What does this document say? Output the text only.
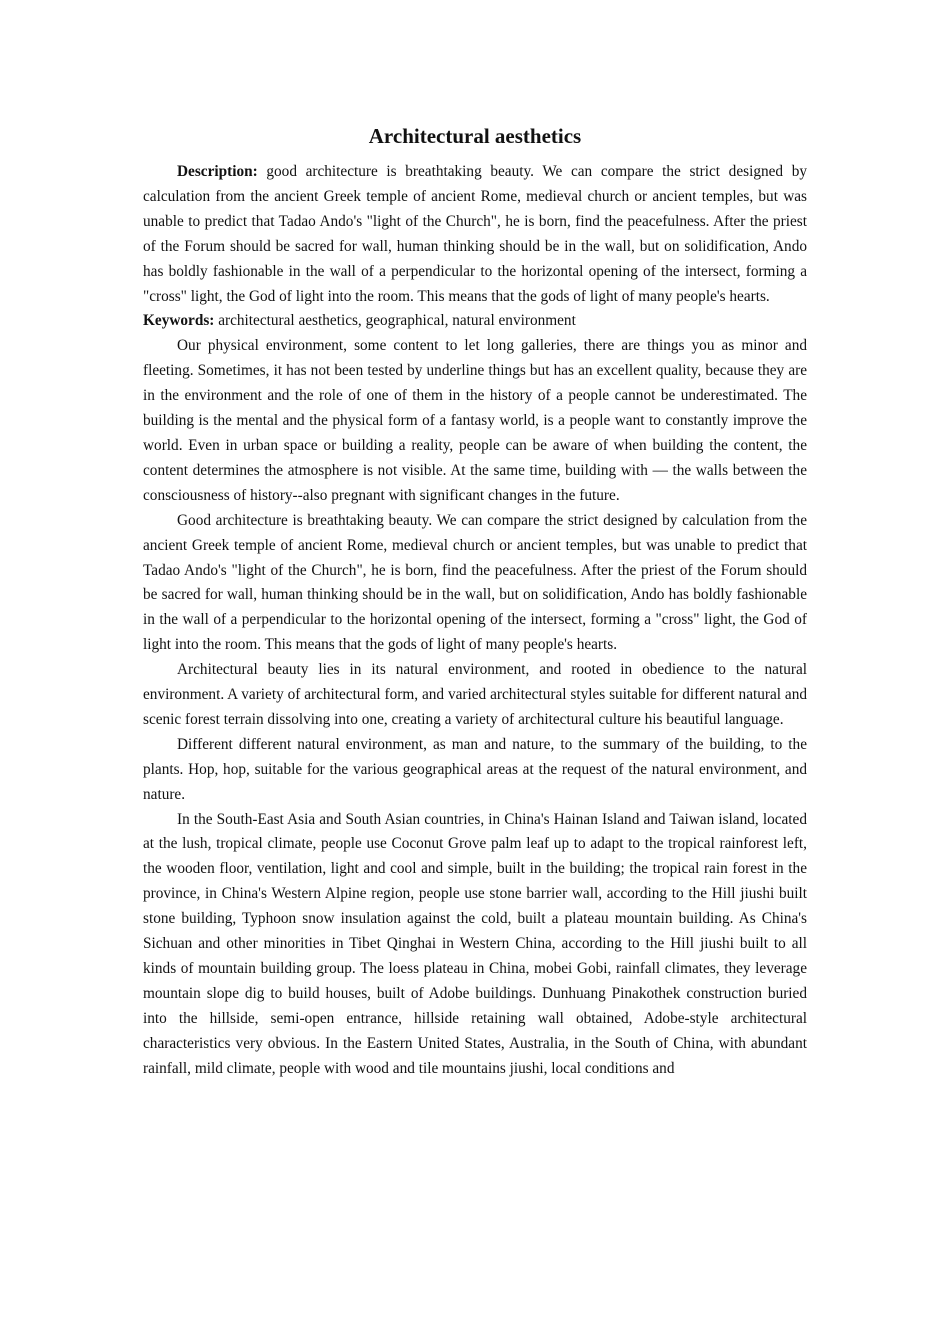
Architectural aesthetics

Description: good architecture is breathtaking beauty. We can compare the strict designed by calculation from the ancient Greek temple of ancient Rome, medieval church or ancient temples, but was unable to predict that Tadao Ando's "light of the Church", he is born, find the peacefulness. After the priest of the Forum should be sacred for wall, human thinking should be in the wall, but on solidification, Ando has boldly fashionable in the wall of a perpendicular to the horizontal opening of the intersect, forming a "cross" light, the God of light into the room. This means that the gods of light of many people's hearts.

Keywords: architectural aesthetics, geographical, natural environment

Our physical environment, some content to let long galleries, there are things you as minor and fleeting. Sometimes, it has not been tested by underline things but has an excellent quality, because they are in the environment and the role of one of them in the history of a people cannot be underestimated. The building is the mental and the physical form of a fantasy world, is a people want to constantly improve the world. Even in urban space or building a reality, people can be aware of when building the content, the content determines the atmosphere is not visible. At the same time, building with — the walls between the consciousness of history--also pregnant with significant changes in the future.

Good architecture is breathtaking beauty. We can compare the strict designed by calculation from the ancient Greek temple of ancient Rome, medieval church or ancient temples, but was unable to predict that Tadao Ando's "light of the Church", he is born, find the peacefulness. After the priest of the Forum should be sacred for wall, human thinking should be in the wall, but on solidification, Ando has boldly fashionable in the wall of a perpendicular to the horizontal opening of the intersect, forming a "cross" light, the God of light into the room. This means that the gods of light of many people's hearts.

Architectural beauty lies in its natural environment, and rooted in obedience to the natural environment. A variety of architectural form, and varied architectural styles suitable for different natural and scenic forest terrain dissolving into one, creating a variety of architectural culture his beautiful language.

Different different natural environment, as man and nature, to the summary of the building, to the plants. Hop, hop, suitable for the various geographical areas at the request of the natural environment, and nature.

In the South-East Asia and South Asian countries, in China's Hainan Island and Taiwan island, located at the lush, tropical climate, people use Coconut Grove palm leaf up to adapt to the tropical rainforest left, the wooden floor, ventilation, light and cool and simple, built in the building; the tropical rain forest in the province, in China's Western Alpine region, people use stone barrier wall, according to the Hill jiushi built stone building, Typhoon snow insulation against the cold, built a plateau mountain building. As China's Sichuan and other minorities in Tibet Qinghai in Western China, according to the Hill jiushi built to all kinds of mountain building group. The loess plateau in China, mobei Gobi, rainfall climates, they leverage mountain slope dig to build houses, built of Adobe buildings. Dunhuang Pinakothek construction buried into the hillside, semi-open entrance, hillside retaining wall obtained, Adobe-style architectural characteristics very obvious. In the Eastern United States, Australia, in the South of China, with abundant rainfall, mild climate, people with wood and tile mountains jiushi, local conditions and
